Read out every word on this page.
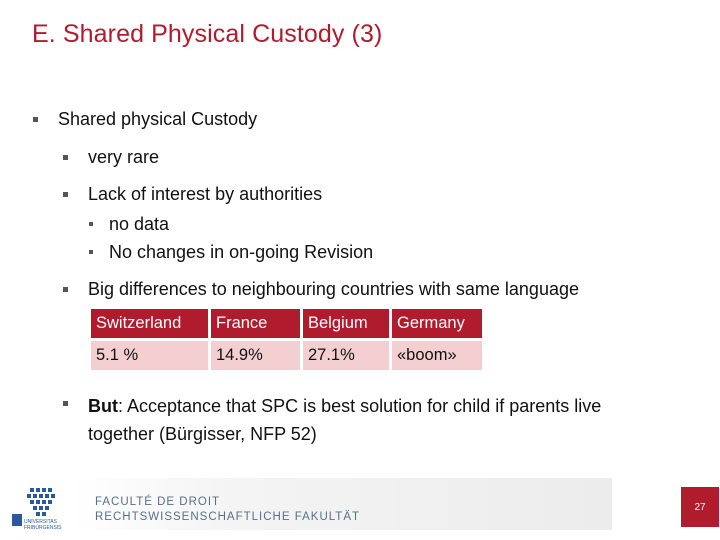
E. Shared Physical Custody (3)
Shared physical Custody
very rare
Lack of interest by authorities
no data
No changes in on-going Revision
Big differences to neighbouring countries with same language
Switzerland	France	Belgium	Germany

5.1 %	14.9%	27.1%	«boom»
But: Acceptance that SPC is best solution for child if parents live
together (Bürgisser, NFP 52)
UNIVERSITAS
FRIBURGENSIS
FACULTÉ DE DROIT
RECHTSWISSENSCHAFTLICHE FAKULTÄT
27
